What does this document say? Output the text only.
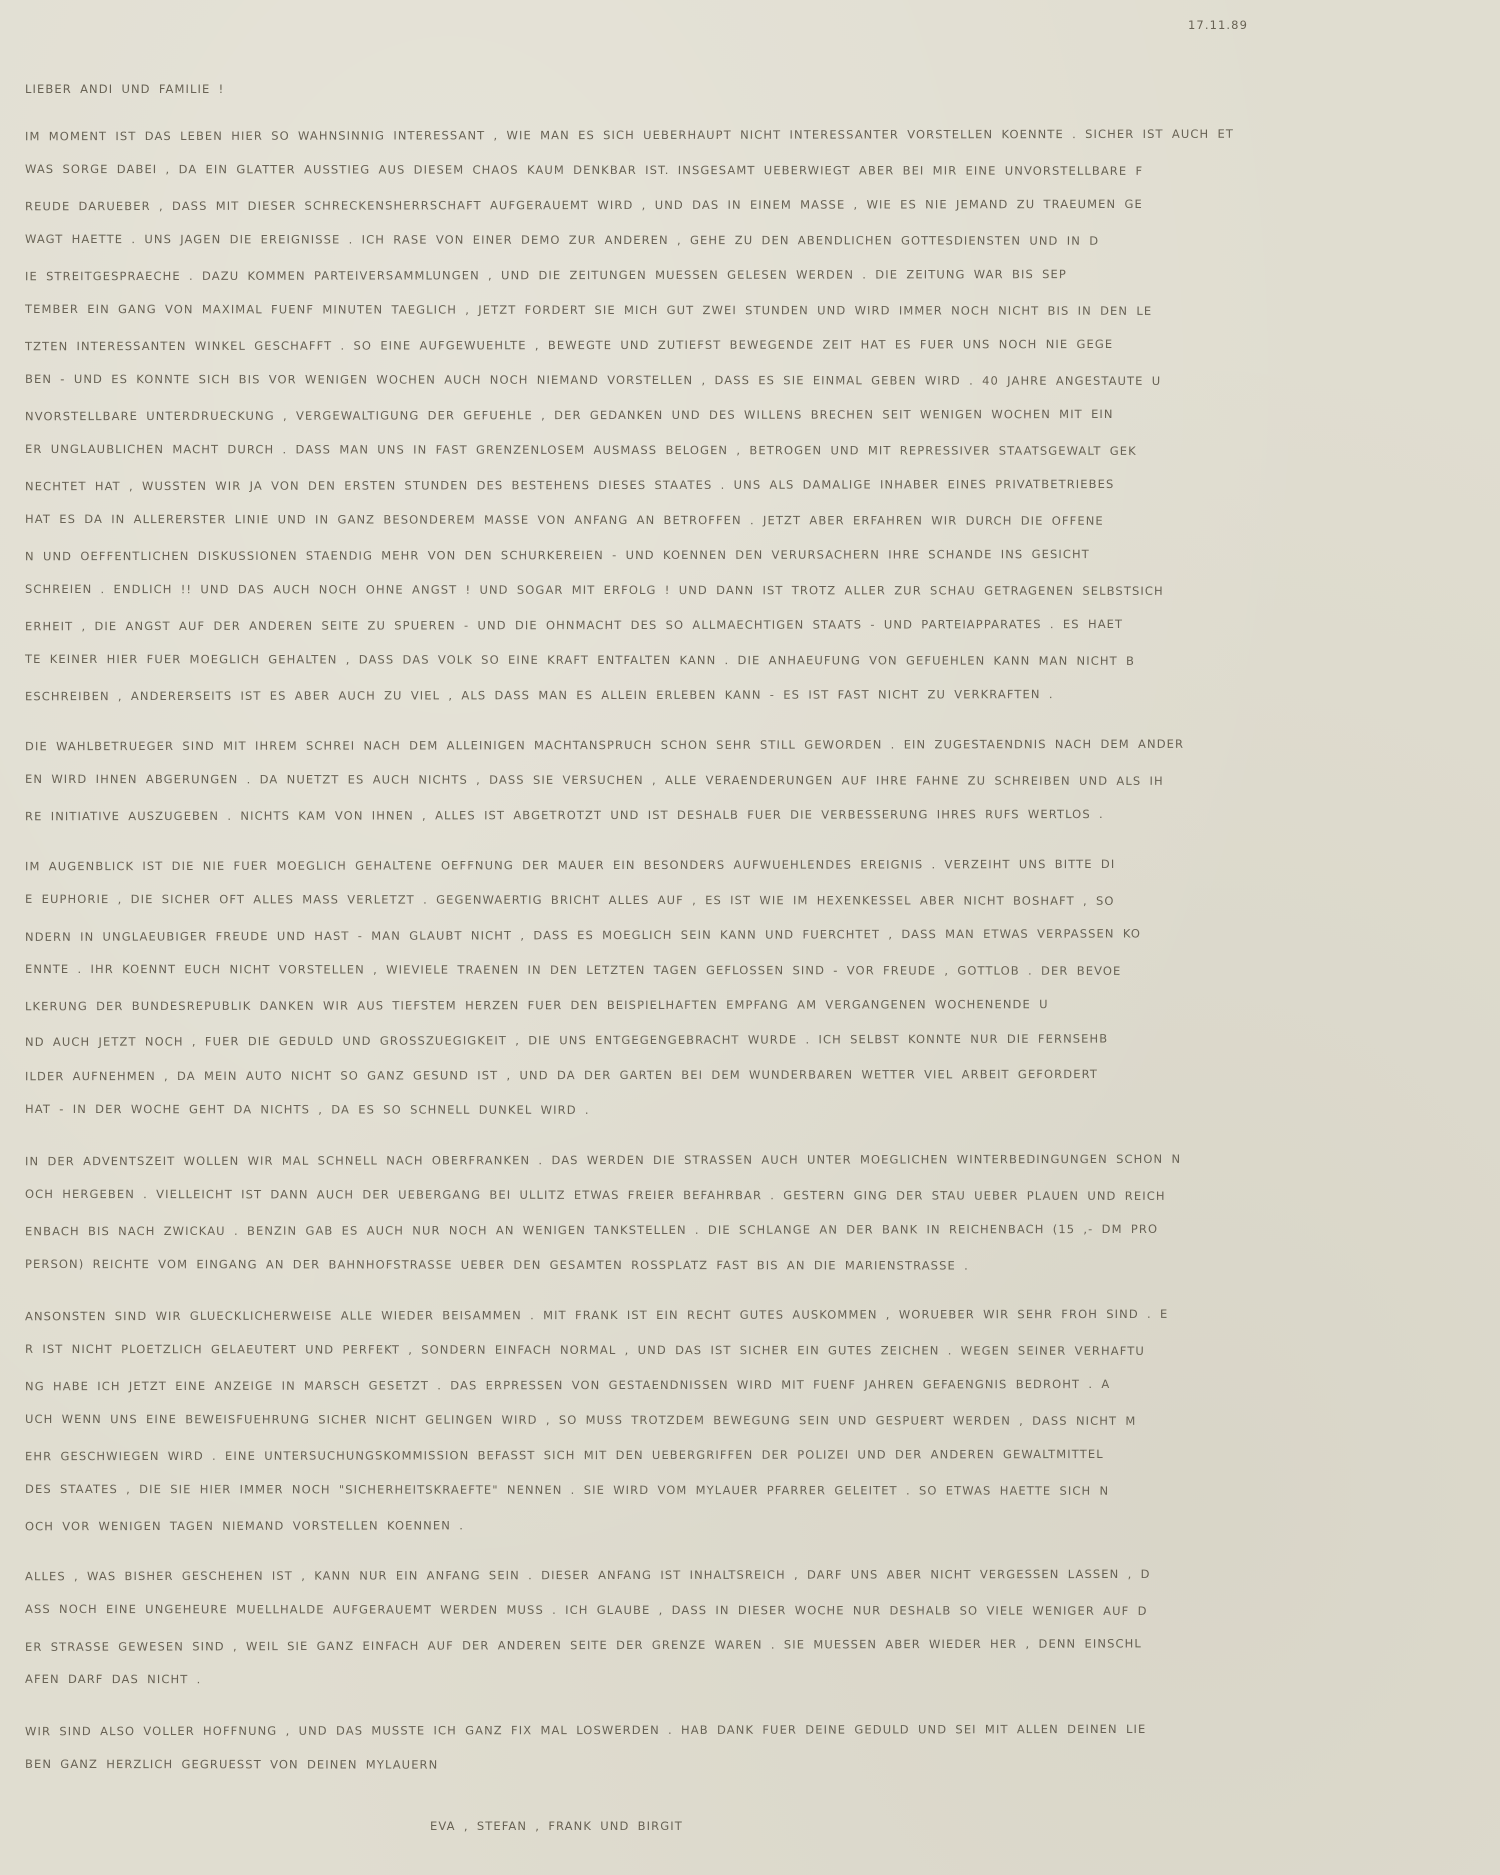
17.11.89
LIEBER ANDI UND FAMILIE !
IM MOMENT IST DAS LEBEN HIER SO WAHNSINNIG INTERESSANT , WIE MAN ES SICH UEBERHAUPT NICHT INTERESSANTER VORSTELLEN KOENNTE . SICHER IST AUCH ET
WAS SORGE DABEI , DA EIN GLATTER AUSSTIEG AUS DIESEM CHAOS KAUM DENKBAR IST. INSGESAMT UEBERWIEGT ABER BEI MIR EINE UNVORSTELLBARE F
REUDE DARUEBER , DASS MIT DIESER SCHRECKENSHERRSCHAFT AUFGERAUEMT WIRD , UND DAS IN EINEM MASSE , WIE ES NIE JEMAND ZU TRAEUMEN GE
WAGT HAETTE . UNS JAGEN DIE EREIGNISSE . ICH RASE VON EINER DEMO ZUR ANDEREN , GEHE ZU DEN ABENDLICHEN GOTTESDIENSTEN UND IN D
IE STREITGESPRAECHE . DAZU KOMMEN PARTEIVERSAMMLUNGEN , UND DIE ZEITUNGEN MUESSEN GELESEN WERDEN . DIE ZEITUNG WAR BIS SEP
TEMBER EIN GANG VON MAXIMAL FUENF MINUTEN TAEGLICH , JETZT FORDERT SIE MICH GUT ZWEI STUNDEN UND WIRD IMMER NOCH NICHT BIS IN DEN LE
TZTEN INTERESSANTEN WINKEL GESCHAFFT . SO EINE AUFGEWUEHLTE , BEWEGTE UND ZUTIEFST BEWEGENDE ZEIT HAT ES FUER UNS NOCH NIE GEGE
BEN - UND ES KONNTE SICH BIS VOR WENIGEN WOCHEN AUCH NOCH NIEMAND VORSTELLEN , DASS ES SIE EINMAL GEBEN WIRD . 40 JAHRE ANGESTAUTE U
NVORSTELLBARE UNTERDRUECKUNG , VERGEWALTIGUNG DER GEFUEHLE , DER GEDANKEN UND DES WILLENS BRECHEN SEIT WENIGEN WOCHEN MIT EIN
ER UNGLAUBLICHEN MACHT DURCH . DASS MAN UNS IN FAST GRENZENLOSEM AUSMASS BELOGEN , BETROGEN UND MIT REPRESSIVER STAATSGEWALT GEK
NECHTET HAT , WUSSTEN WIR JA VON DEN ERSTEN STUNDEN DES BESTEHENS DIESES STAATES . UNS ALS DAMALIGE INHABER EINES PRIVATBETRIEBES
HAT ES DA IN ALLERERSTER LINIE UND IN GANZ BESONDEREM MASSE VON ANFANG AN BETROFFEN . JETZT ABER ERFAHREN WIR DURCH DIE OFFENE
N UND OEFFENTLICHEN DISKUSSIONEN STAENDIG MEHR VON DEN SCHURKEREIEN - UND KOENNEN DEN VERURSACHERN IHRE SCHANDE INS GESICHT
SCHREIEN . ENDLICH !! UND DAS AUCH NOCH OHNE ANGST ! UND SOGAR MIT ERFOLG ! UND DANN IST TROTZ ALLER ZUR SCHAU GETRAGENEN SELBSTSICH
ERHEIT , DIE ANGST AUF DER ANDEREN SEITE ZU SPUEREN - UND DIE OHNMACHT DES SO ALLMAECHTIGEN STAATS - UND PARTEIAPPARATES . ES HAET
TE KEINER HIER FUER MOEGLICH GEHALTEN , DASS DAS VOLK SO EINE KRAFT ENTFALTEN KANN . DIE ANHAEUFUNG VON GEFUEHLEN KANN MAN NICHT B
ESCHREIBEN , ANDERERSEITS IST ES ABER AUCH ZU VIEL , ALS DASS MAN ES ALLEIN ERLEBEN KANN - ES IST FAST NICHT ZU VERKRAFTEN .
DIE WAHLBETRUEGER SIND MIT IHREM SCHREI NACH DEM ALLEINIGEN MACHTANSPRUCH SCHON SEHR STILL GEWORDEN . EIN ZUGESTAENDNIS NACH DEM ANDER
EN WIRD IHNEN ABGERUNGEN . DA NUETZT ES AUCH NICHTS , DASS SIE VERSUCHEN , ALLE VERAENDERUNGEN AUF IHRE FAHNE ZU SCHREIBEN UND ALS IH
RE INITIATIVE AUSZUGEBEN . NICHTS KAM VON IHNEN , ALLES IST ABGETROTZT UND IST DESHALB FUER DIE VERBESSERUNG IHRES RUFS WERTLOS .
IM AUGENBLICK IST DIE NIE FUER MOEGLICH GEHALTENE OEFFNUNG DER MAUER EIN BESONDERS AUFWUEHLENDES EREIGNIS . VERZEIHT UNS BITTE DI
E EUPHORIE , DIE SICHER OFT ALLES MASS VERLETZT . GEGENWAERTIG BRICHT ALLES AUF , ES IST WIE IM HEXENKESSEL ABER NICHT BOSHAFT , SO
NDERN IN UNGLAEUBIGER FREUDE UND HAST - MAN GLAUBT NICHT , DASS ES MOEGLICH SEIN KANN UND FUERCHTET , DASS MAN ETWAS VERPASSEN KO
ENNTE . IHR KOENNT EUCH NICHT VORSTELLEN , WIEVIELE TRAENEN IN DEN LETZTEN TAGEN GEFLOSSEN SIND - VOR FREUDE , GOTTLOB . DER BEVOE
LKERUNG DER BUNDESREPUBLIK DANKEN WIR AUS TIEFSTEM HERZEN FUER DEN BEISPIELHAFTEN EMPFANG AM VERGANGENEN WOCHENENDE U
ND AUCH JETZT NOCH , FUER DIE GEDULD UND GROSSZUEGIGKEIT , DIE UNS ENTGEGENGEBRACHT WURDE . ICH SELBST KONNTE NUR DIE FERNSEHB
ILDER AUFNEHMEN , DA MEIN AUTO NICHT SO GANZ GESUND IST , UND DA DER GARTEN BEI DEM WUNDERBAREN WETTER VIEL ARBEIT GEFORDERT
HAT - IN DER WOCHE GEHT DA NICHTS , DA ES SO SCHNELL DUNKEL WIRD .
IN DER ADVENTSZEIT WOLLEN WIR MAL SCHNELL NACH OBERFRANKEN . DAS WERDEN DIE STRASSEN AUCH UNTER MOEGLICHEN WINTERBEDINGUNGEN SCHON N
OCH HERGEBEN . VIELLEICHT IST DANN AUCH DER UEBERGANG BEI ULLITZ ETWAS FREIER BEFAHRBAR . GESTERN GING DER STAU UEBER PLAUEN UND REICH
ENBACH BIS NACH ZWICKAU . BENZIN GAB ES AUCH NUR NOCH AN WENIGEN TANKSTELLEN . DIE SCHLANGE AN DER BANK IN REICHENBACH (15 ,- DM PRO
PERSON) REICHTE VOM EINGANG AN DER BAHNHOFSTRASSE UEBER DEN GESAMTEN ROSSPLATZ FAST BIS AN DIE MARIENSTRASSE .
ANSONSTEN SIND WIR GLUECKLICHERWEISE ALLE WIEDER BEISAMMEN . MIT FRANK IST EIN RECHT GUTES AUSKOMMEN , WORUEBER WIR SEHR FROH SIND . E
R IST NICHT PLOETZLICH GELAEUTERT UND PERFEKT , SONDERN EINFACH NORMAL , UND DAS IST SICHER EIN GUTES ZEICHEN . WEGEN SEINER VERHAFTU
NG HABE ICH JETZT EINE ANZEIGE IN MARSCH GESETZT . DAS ERPRESSEN VON GESTAENDNISSEN WIRD MIT FUENF JAHREN GEFAENGNIS BEDROHT . A
UCH WENN UNS EINE BEWEISFUEHRUNG SICHER NICHT GELINGEN WIRD , SO MUSS TROTZDEM BEWEGUNG SEIN UND GESPUERT WERDEN , DASS NICHT M
EHR GESCHWIEGEN WIRD . EINE UNTERSUCHUNGSKOMMISSION BEFASST SICH MIT DEN UEBERGRIFFEN DER POLIZEI UND DER ANDEREN GEWALTMITTEL
DES STAATES , DIE SIE HIER IMMER NOCH "SICHERHEITSKRAEFTE" NENNEN . SIE WIRD VOM MYLAUER PFARRER GELEITET . SO ETWAS HAETTE SICH N
OCH VOR WENIGEN TAGEN NIEMAND VORSTELLEN KOENNEN .
ALLES , WAS BISHER GESCHEHEN IST , KANN NUR EIN ANFANG SEIN . DIESER ANFANG IST INHALTSREICH , DARF UNS ABER NICHT VERGESSEN LASSEN , D
ASS NOCH EINE UNGEHEURE MUELLHALDE AUFGERAUEMT WERDEN MUSS . ICH GLAUBE , DASS IN DIESER WOCHE NUR DESHALB SO VIELE WENIGER AUF D
ER STRASSE GEWESEN SIND , WEIL SIE GANZ EINFACH AUF DER ANDEREN SEITE DER GRENZE WAREN . SIE MUESSEN ABER WIEDER HER , DENN EINSCHL
AFEN DARF DAS NICHT .
WIR SIND ALSO VOLLER HOFFNUNG , UND DAS MUSSTE ICH GANZ FIX MAL LOSWERDEN . HAB DANK FUER DEINE GEDULD UND SEI MIT ALLEN DEINEN LIE
BEN GANZ HERZLICH GEGRUESST VON DEINEN MYLAUERN
EVA , STEFAN , FRANK UND BIRGIT
